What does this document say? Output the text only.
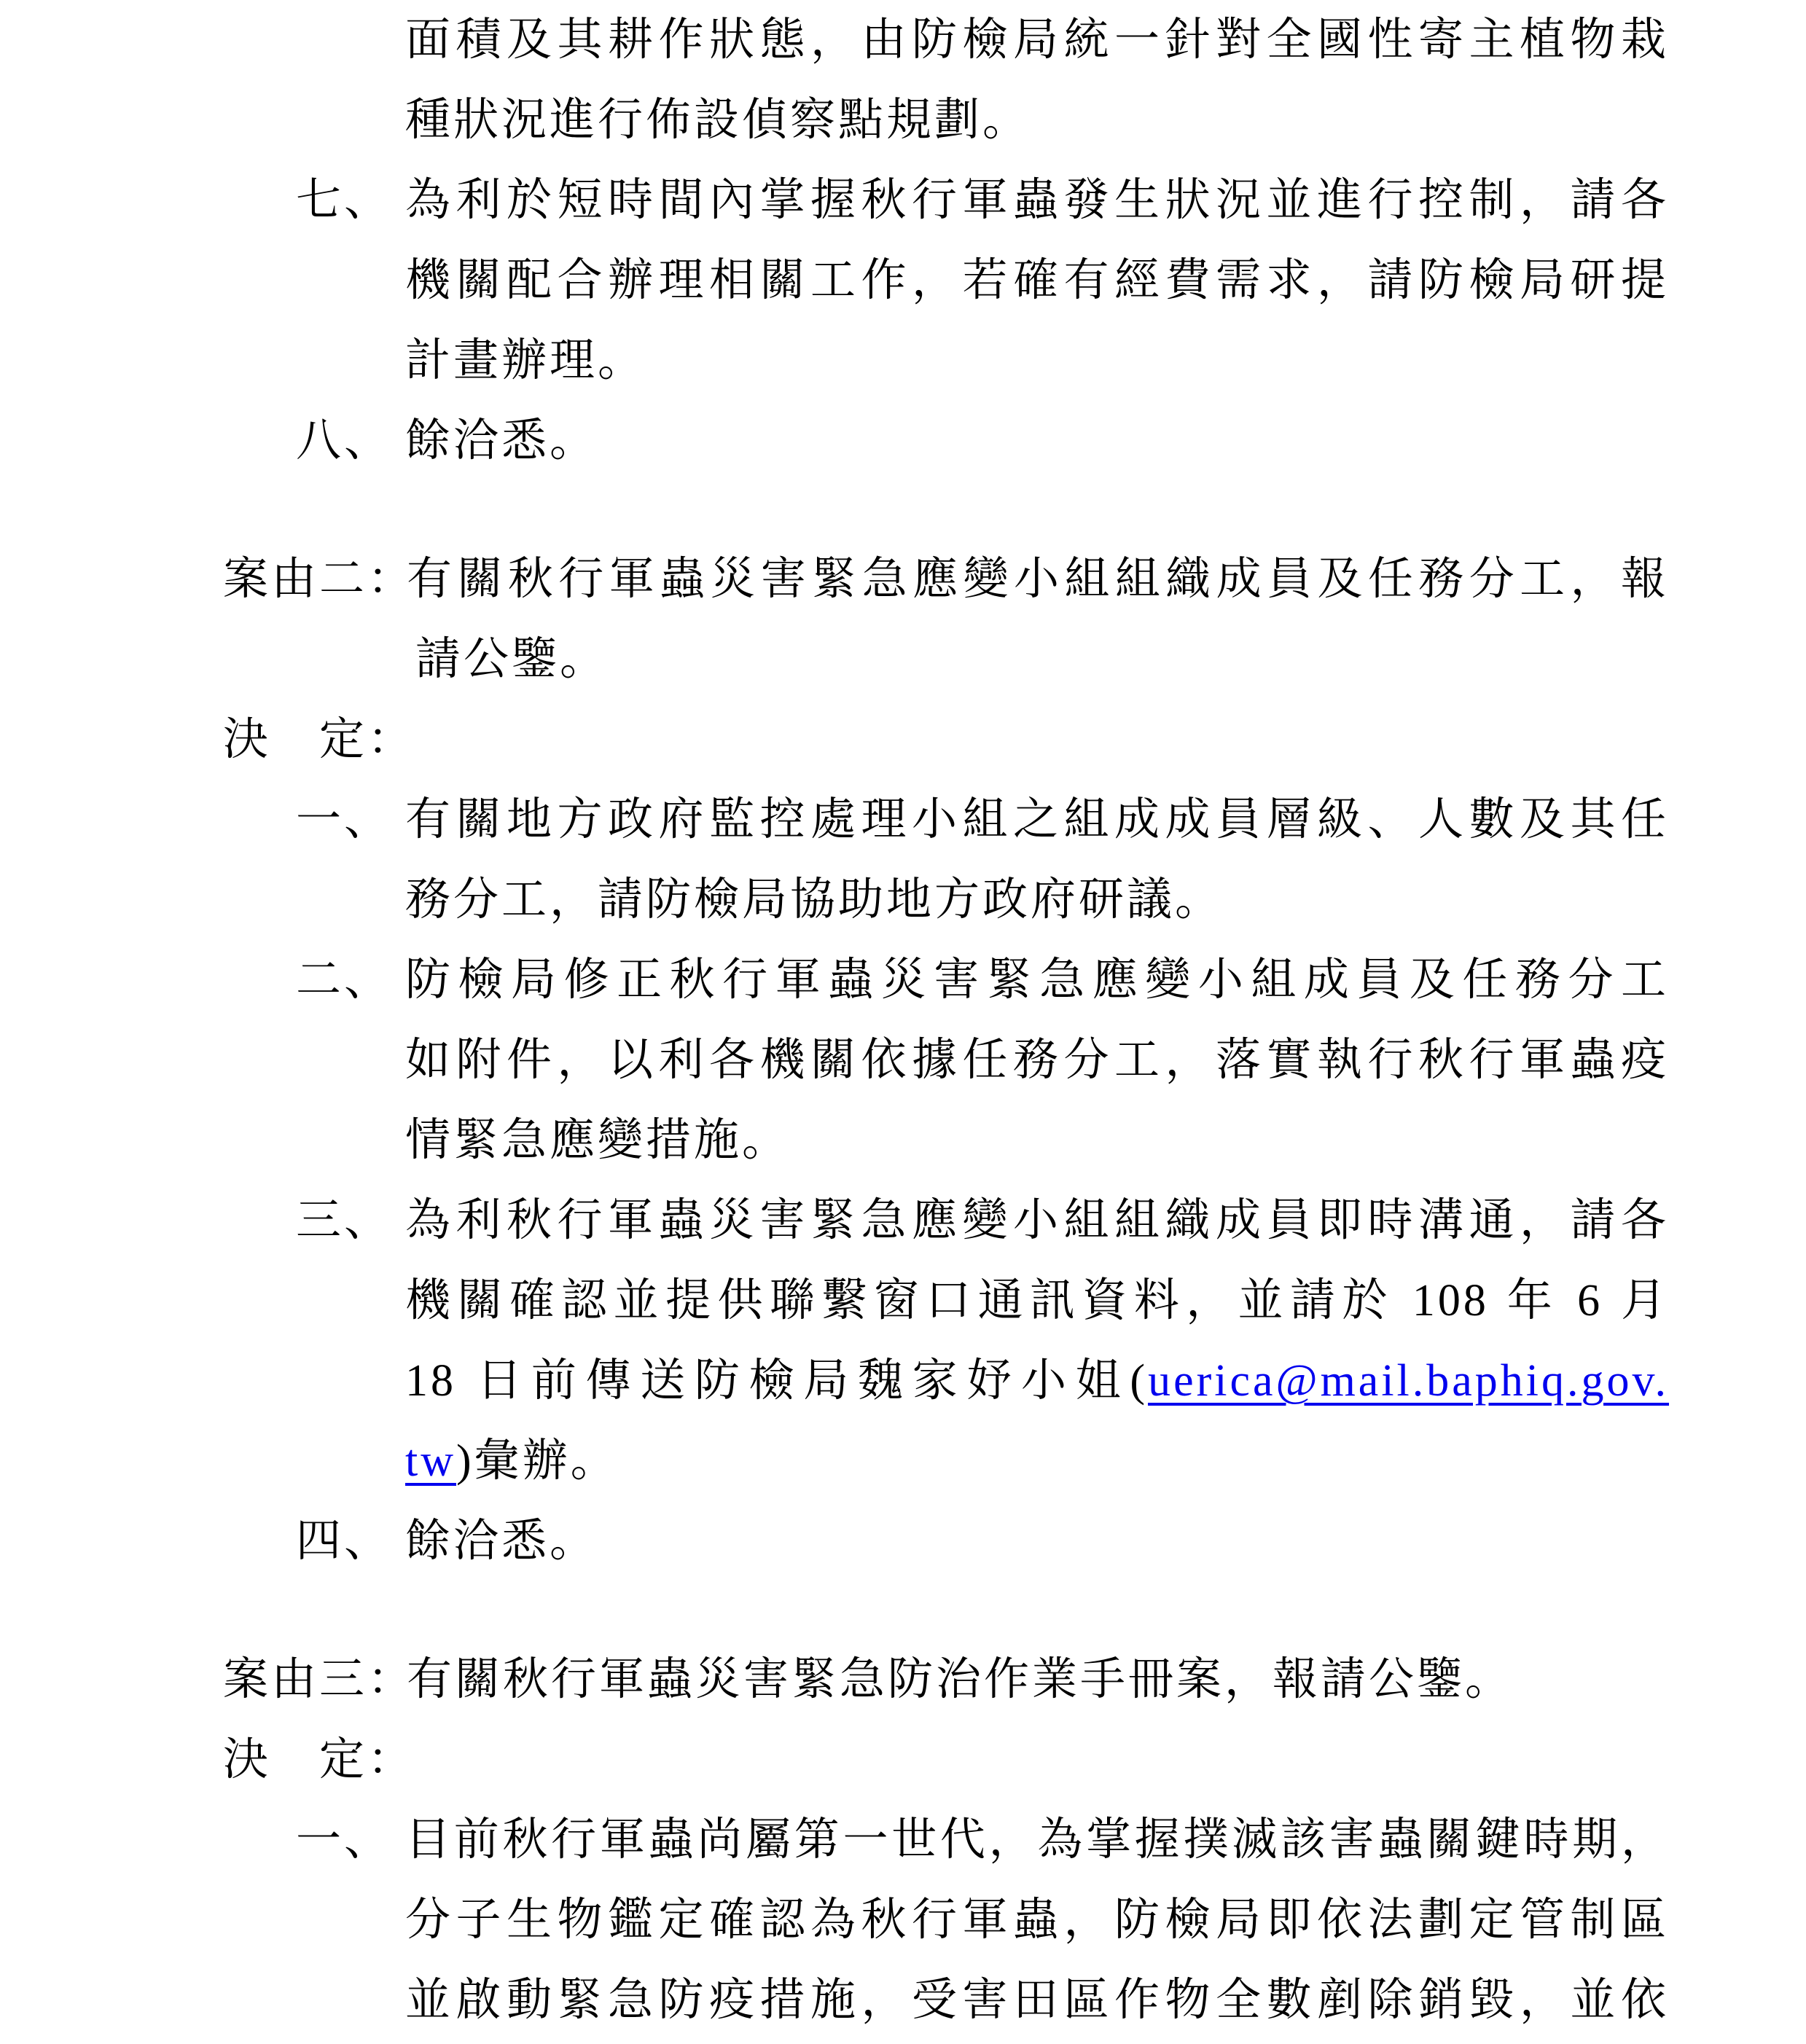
面積及其耕作狀態，由防檢局統一針對全國性寄主植物栽
種狀況進行佈設偵察點規劃。
七、 為利於短時間內掌握秋行軍蟲發生狀況並進行控制，請各
機關配合辦理相關工作，若確有經費需求，請防檢局研提
計畫辦理。
八、 餘洽悉。
案由二：
有關秋行軍蟲災害緊急應變小組組織成員及任務分工，報
請公鑒。
決　定：
一、 有關地方政府監控處理小組之組成成員層級、人數及其任
務分工，請防檢局協助地方政府研議。
二、 防檢局修正秋行軍蟲災害緊急應變小組成員及任務分工
如附件，以利各機關依據任務分工，落實執行秋行軍蟲疫
情緊急應變措施。
三、 為利秋行軍蟲災害緊急應變小組組織成員即時溝通，請各
機關確認並提供聯繫窗口通訊資料，並請於 108 年 6 月
18 日前傳送防檢局魏家妤小姐(uerica@mail.baphiq.gov.
tw)彙辦。
四、 餘洽悉。
案由三：
有關秋行軍蟲災害緊急防治作業手冊案，報請公鑒。
決　定：
一、 目前秋行軍蟲尚屬第一世代，為掌握撲滅該害蟲關鍵時期，
分子生物鑑定確認為秋行軍蟲，防檢局即依法劃定管制區
並啟動緊急防疫措施，受害田區作物全數剷除銷毀，並依
